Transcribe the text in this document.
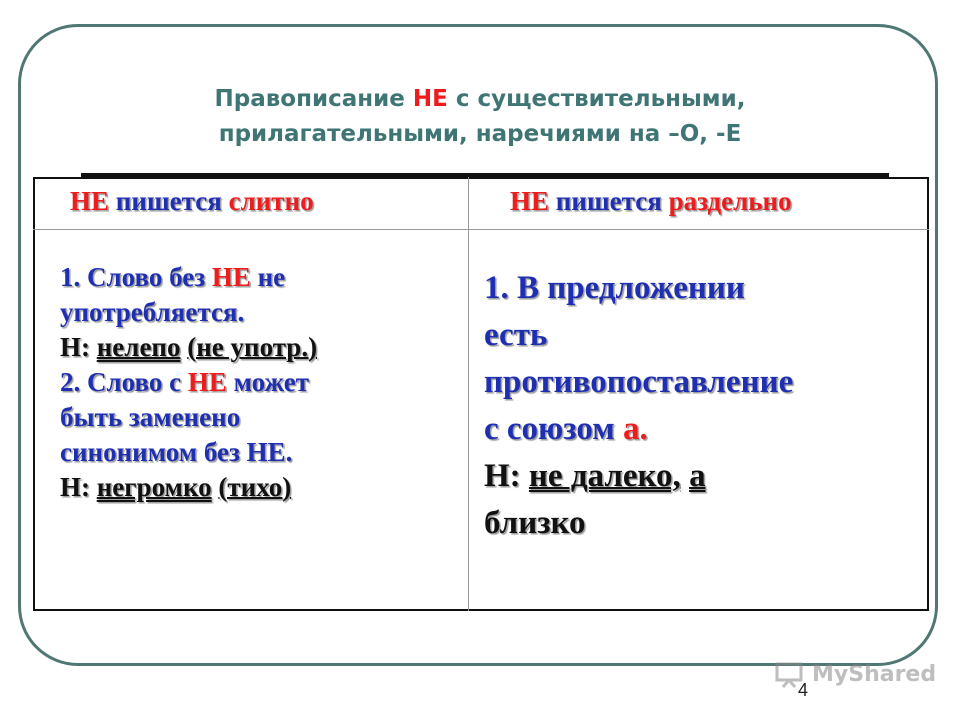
Правописание НЕ с существительными,
прилагательными, наречиями на –О, -Е
НЕ пишется слитно	НЕ пишется раздельно
1. Слово без НЕ не
употребляется.
Н: нелепо (не употр.)
2. Слово с НЕ может
быть заменено
синонимом без НЕ.
Н: негромко (тихо)
1. В предложении
есть
противопоставление
с союзом а.
Н: не далеко, а
близко
MyShared
4
